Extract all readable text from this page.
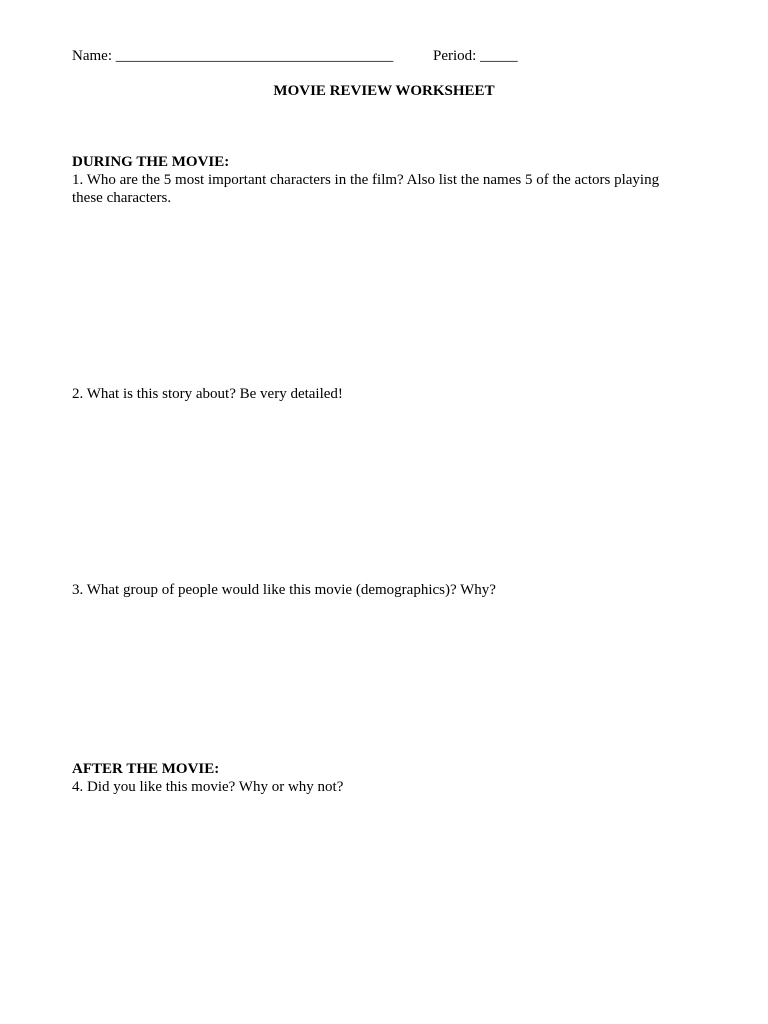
Name: _____________________________________	Period: _____
MOVIE REVIEW WORKSHEET
DURING THE MOVIE:
1. Who are the 5 most important characters in the film? Also list the names 5 of the actors playing these characters.
2. What is this story about? Be very detailed!
3. What group of people would like this movie (demographics)? Why?
AFTER THE MOVIE:
4. Did you like this movie? Why or why not?
